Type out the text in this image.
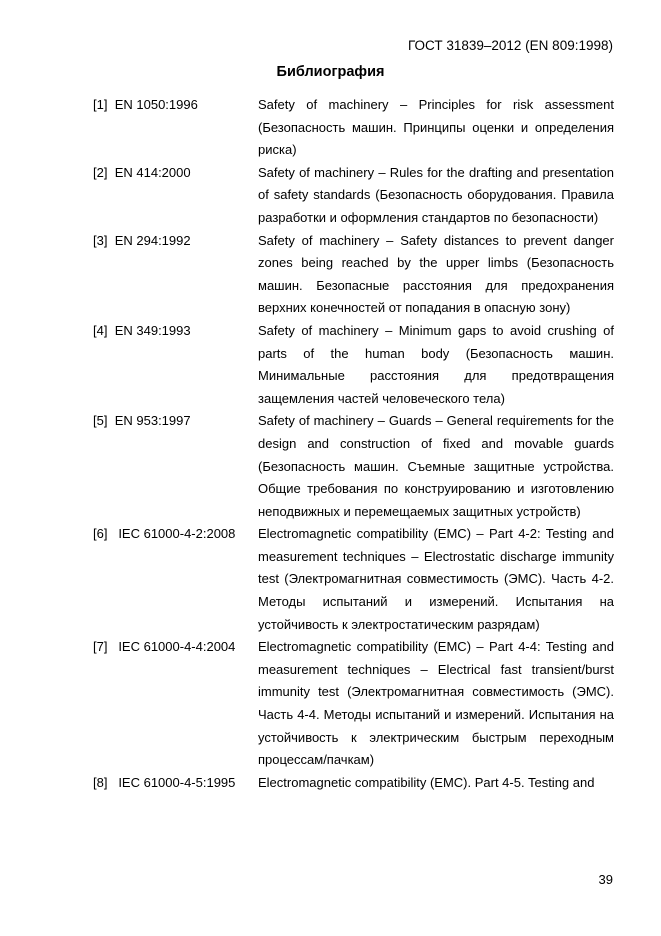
ГОСТ 31839–2012 (EN 809:1998)
Библиография
[1] EN 1050:1996	Safety of machinery – Principles for risk assessment (Безопасность машин. Принципы оценки и определения риска)
[2] EN 414:2000	Safety of machinery – Rules for the drafting and presentation of safety standards (Безопасность оборудования. Правила разработки и оформления стандартов по безопасности)
[3] EN 294:1992	Safety of machinery – Safety distances to prevent danger zones being reached by the upper limbs (Безопасность машин. Безопасные расстояния для предохранения верхних конечностей от попадания в опасную зону)
[4] EN 349:1993	Safety of machinery – Minimum gaps to avoid crushing of parts of the human body (Безопасность машин. Минимальные расстояния для предотвращения защемления частей человеческого тела)
[5] EN 953:1997	Safety of machinery – Guards – General requirements for the design and construction of fixed and movable guards (Безопасность машин. Съемные защитные устройства. Общие требования по конструированию и изготовлению неподвижных и перемещаемых защитных устройств)
[6] IEC 61000-4-2:2008	Electromagnetic compatibility (EMC) – Part 4-2: Testing and measurement techniques – Electrostatic discharge immunity test (Электромагнитная совместимость (ЭМС). Часть 4-2. Методы испытаний и измерений. Испытания на устойчивость к электростатическим разрядам)
[7] IEC 61000-4-4:2004	Electromagnetic compatibility (EMC) – Part 4-4: Testing and measurement techniques – Electrical fast transient/burst immunity test (Электромагнитная совместимость (ЭМС). Часть 4-4. Методы испытаний и измерений. Испытания на устойчивость к электрическим быстрым переходным процессам/пачкам)
[8] IEC 61000-4-5:1995	Electromagnetic compatibility (EMC). Part 4-5. Testing and
39
